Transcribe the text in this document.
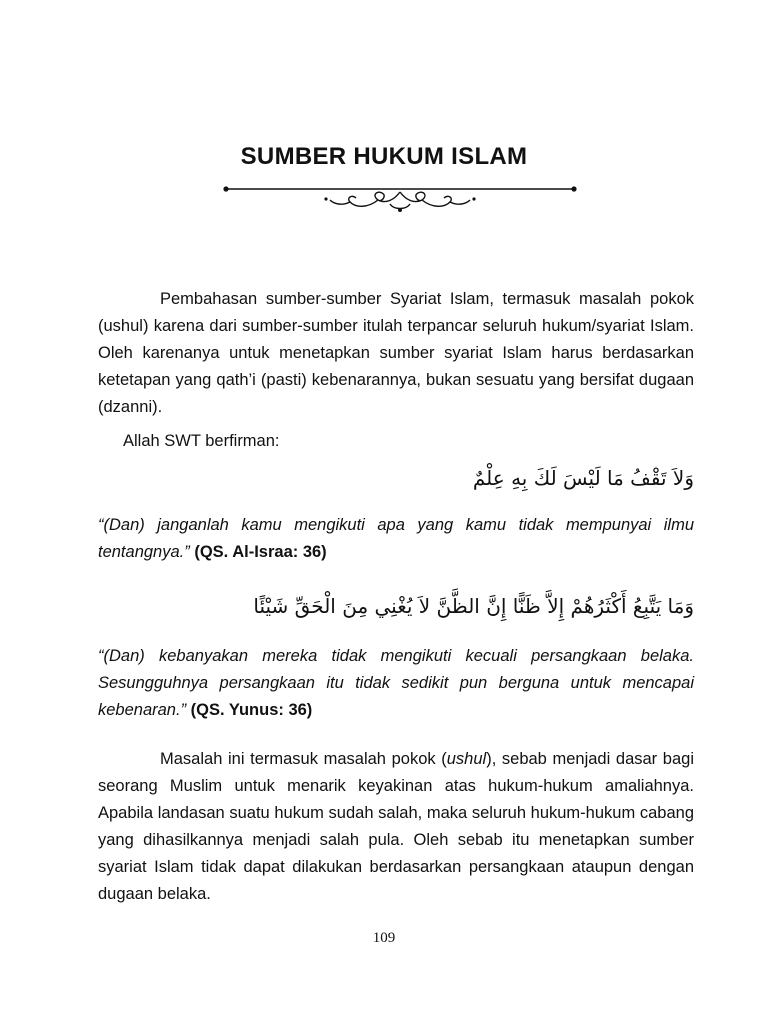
SUMBER HUKUM ISLAM

Pembahasan sumber-sumber Syariat Islam, termasuk masalah pokok (ushul) karena dari sumber-sumber itulah terpancar seluruh hukum/syariat Islam. Oleh karenanya untuk menetapkan sumber syariat Islam harus berdasarkan ketetapan yang qath’i (pasti) kebenarannya, bukan sesuatu yang bersifat dugaan (dzanni).

Allah SWT berfirman:

وَلاَ تَقْفُ مَا لَيْسَ لَكَ بِهِ عِلْمٌ

“(Dan) janganlah kamu mengikuti apa yang kamu tidak mempunyai ilmu tentangnya.” (QS. Al-Israa: 36)

وَمَا يَتَّبِعُ أَكْثَرُهُمْ إِلاَّ ظَنًّا إِنَّ الظَّنَّ لاَ يُغْنِي مِنَ الْحَقِّ شَيْئًا

“(Dan) kebanyakan mereka tidak mengikuti kecuali persangkaan belaka. Sesungguhnya persangkaan itu tidak sedikit pun berguna untuk mencapai kebenaran.” (QS. Yunus: 36)

Masalah ini termasuk masalah pokok (ushul), sebab menjadi dasar bagi seorang Muslim untuk menarik keyakinan atas hukum-hukum amaliahnya. Apabila landasan suatu hukum sudah salah, maka seluruh hukum-hukum cabang yang dihasilkannya menjadi salah pula. Oleh sebab itu menetapkan sumber syariat Islam tidak dapat dilakukan berdasarkan persangkaan ataupun dengan dugaan belaka.

109
